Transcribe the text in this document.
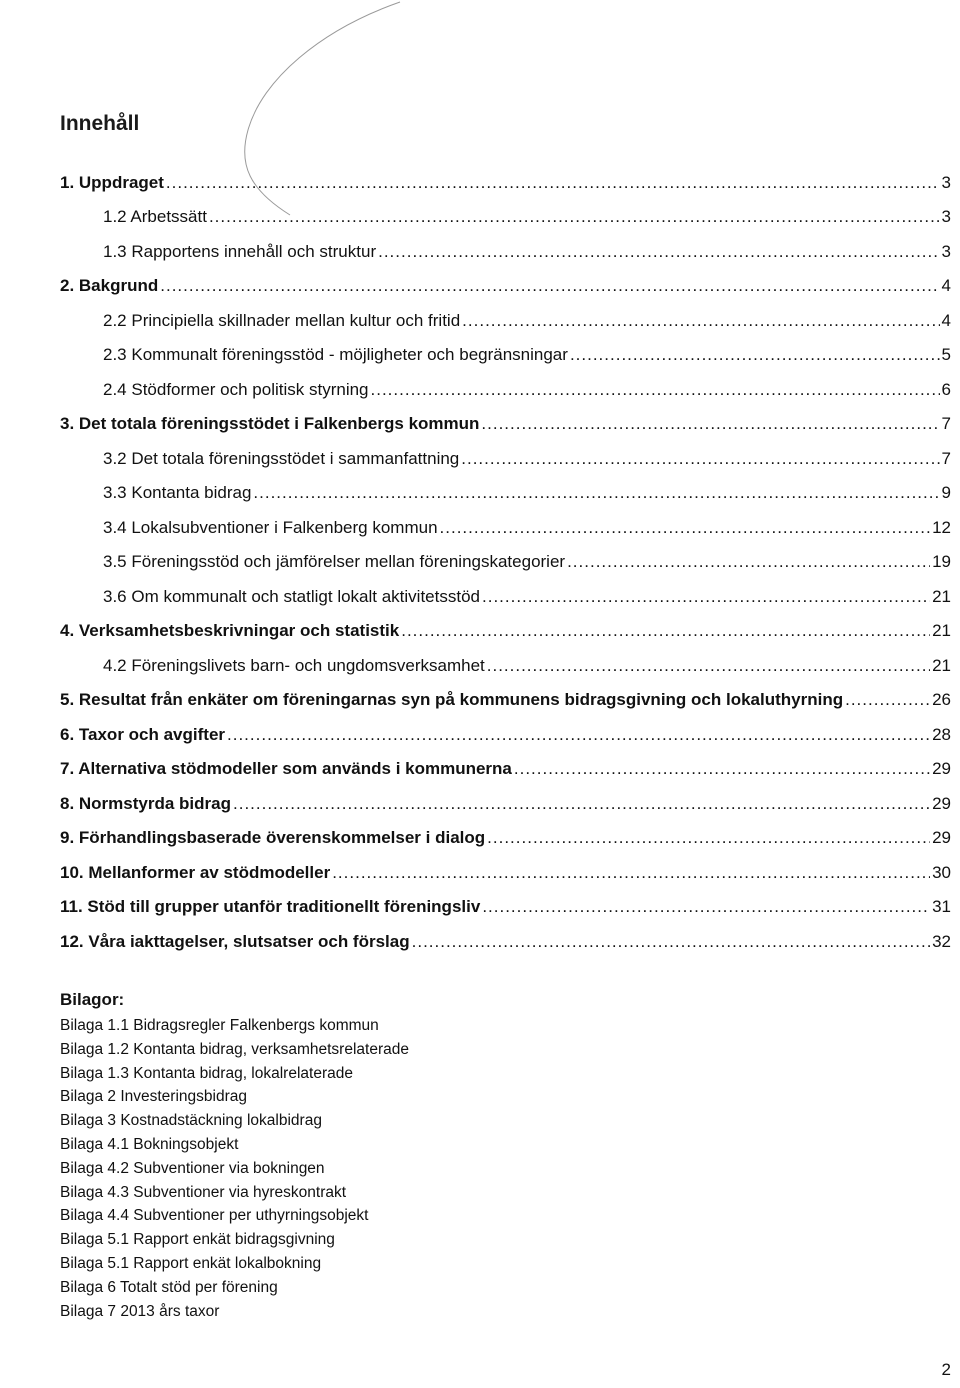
Innehåll
1. Uppdraget .....	3
1.2 Arbetssätt .....	3
1.3 Rapportens innehåll och struktur .....	3
2. Bakgrund .....	4
2.2 Principiella skillnader mellan kultur och fritid .....	4
2.3 Kommunalt föreningsstöd - möjligheter och begränsningar .....	5
2.4 Stödformer och politisk styrning .....	6
3. Det totala föreningsstödet i Falkenbergs kommun .....	7
3.2 Det totala föreningsstödet i sammanfattning .....	7
3.3 Kontanta bidrag .....	9
3.4 Lokalsubventioner i Falkenberg kommun .....	12
3.5 Föreningsstöd och jämförelser mellan föreningskategorier .....	19
3.6 Om kommunalt och statligt lokalt aktivitetsstöd .....	21
4. Verksamhetsbeskrivningar och statistik .....	21
4.2 Föreningslivets barn- och ungdomsverksamhet .....	21
5. Resultat från enkäter om föreningarnas syn på kommunens bidragsgivning och lokaluthyrning .....	26
6. Taxor och avgifter .....	28
7. Alternativa stödmodeller som används i kommunerna .....	29
8. Normstyrda bidrag .....	29
9. Förhandlingsbaserade överenskommelser i dialog .....	29
10. Mellanformer av stödmodeller .....	30
11. Stöd till grupper utanför traditionellt föreningsliv .....	31
12. Våra iakttagelser, slutsatser och förslag .....	32
Bilagor:
Bilaga 1.1 Bidragsregler Falkenbergs kommun
Bilaga 1.2 Kontanta bidrag, verksamhetsrelaterade
Bilaga 1.3 Kontanta bidrag, lokalrelaterade
Bilaga 2 Investeringsbidrag
Bilaga 3 Kostnadstäckning lokalbidrag
Bilaga 4.1 Bokningsobjekt
Bilaga 4.2 Subventioner via bokningen
Bilaga 4.3 Subventioner via hyreskontrakt
Bilaga 4.4 Subventioner per uthyrningsobjekt
Bilaga 5.1 Rapport enkät bidragsgivning
Bilaga 5.1 Rapport enkät lokalbokning
Bilaga 6 Totalt stöd per förening
Bilaga 7 2013 års taxor
2
